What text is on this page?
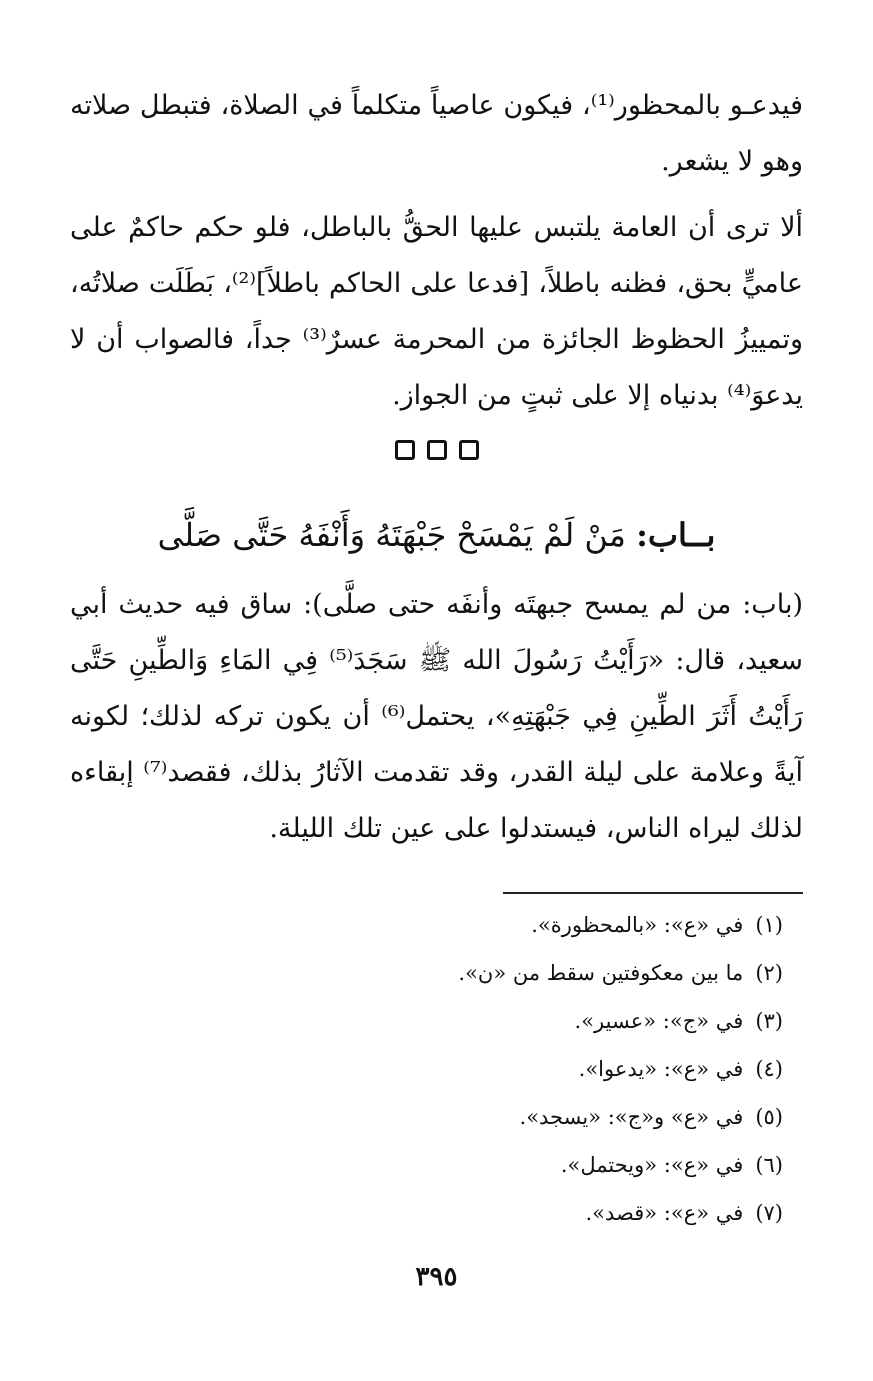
فيدعـو بالمحظور⁽¹⁾، فيكون عاصياً متكلماً في الصلاة، فتبطل صلاته وهو لا يشعر.

ألا ترى أن العامة يلتبس عليها الحقُّ بالباطل، فلو حكم حاكمٌ على عاميٍّ بحق، فظنه باطلاً، [فدعا على الحاكم باطلاً]⁽²⁾، بَطَلَت صلاتُه، وتمييزُ الحظوظ الجائزة من المحرمة عسرٌ⁽³⁾ جداً، فالصواب أن لا يدعوَ⁽⁴⁾ بدنياه إلا على ثبتٍ من الجواز.

بــاب: مَنْ لَمْ يَمْسَحْ جَبْهَتَهُ وَأَنْفَهُ حَتَّى صَلَّى

(باب: من لم يمسح جبهتَه وأنفَه حتى صلَّى): ساق فيه حديث أبي سعيد، قال: «رَأَيْتُ رَسُولَ الله ﷺ سَجَدَ⁽⁵⁾ فِي المَاءِ وَالطِّينِ حَتَّى رَأَيْتُ أَثَرَ الطِّينِ فِي جَبْهَتِهِ»، يحتمل⁽⁶⁾ أن يكون تركه لذلك؛ لكونه آيةً وعلامة على ليلة القدر، وقد تقدمت الآثارُ بذلك، فقصد⁽⁷⁾ إبقاءه لذلك ليراه الناس، فيستدلوا على عين تلك الليلة.

(١)في «ع»: «بالمحظورة».
(٢)ما بين معكوفتين سقط من «ن».
(٣)في «ج»: «عسير».
(٤)في «ع»: «يدعوا».
(٥)في «ع» و«ج»: «يسجد».
(٦)في «ع»: «ويحتمل».
(٧)في «ع»: «قصد».
٣٩٥
